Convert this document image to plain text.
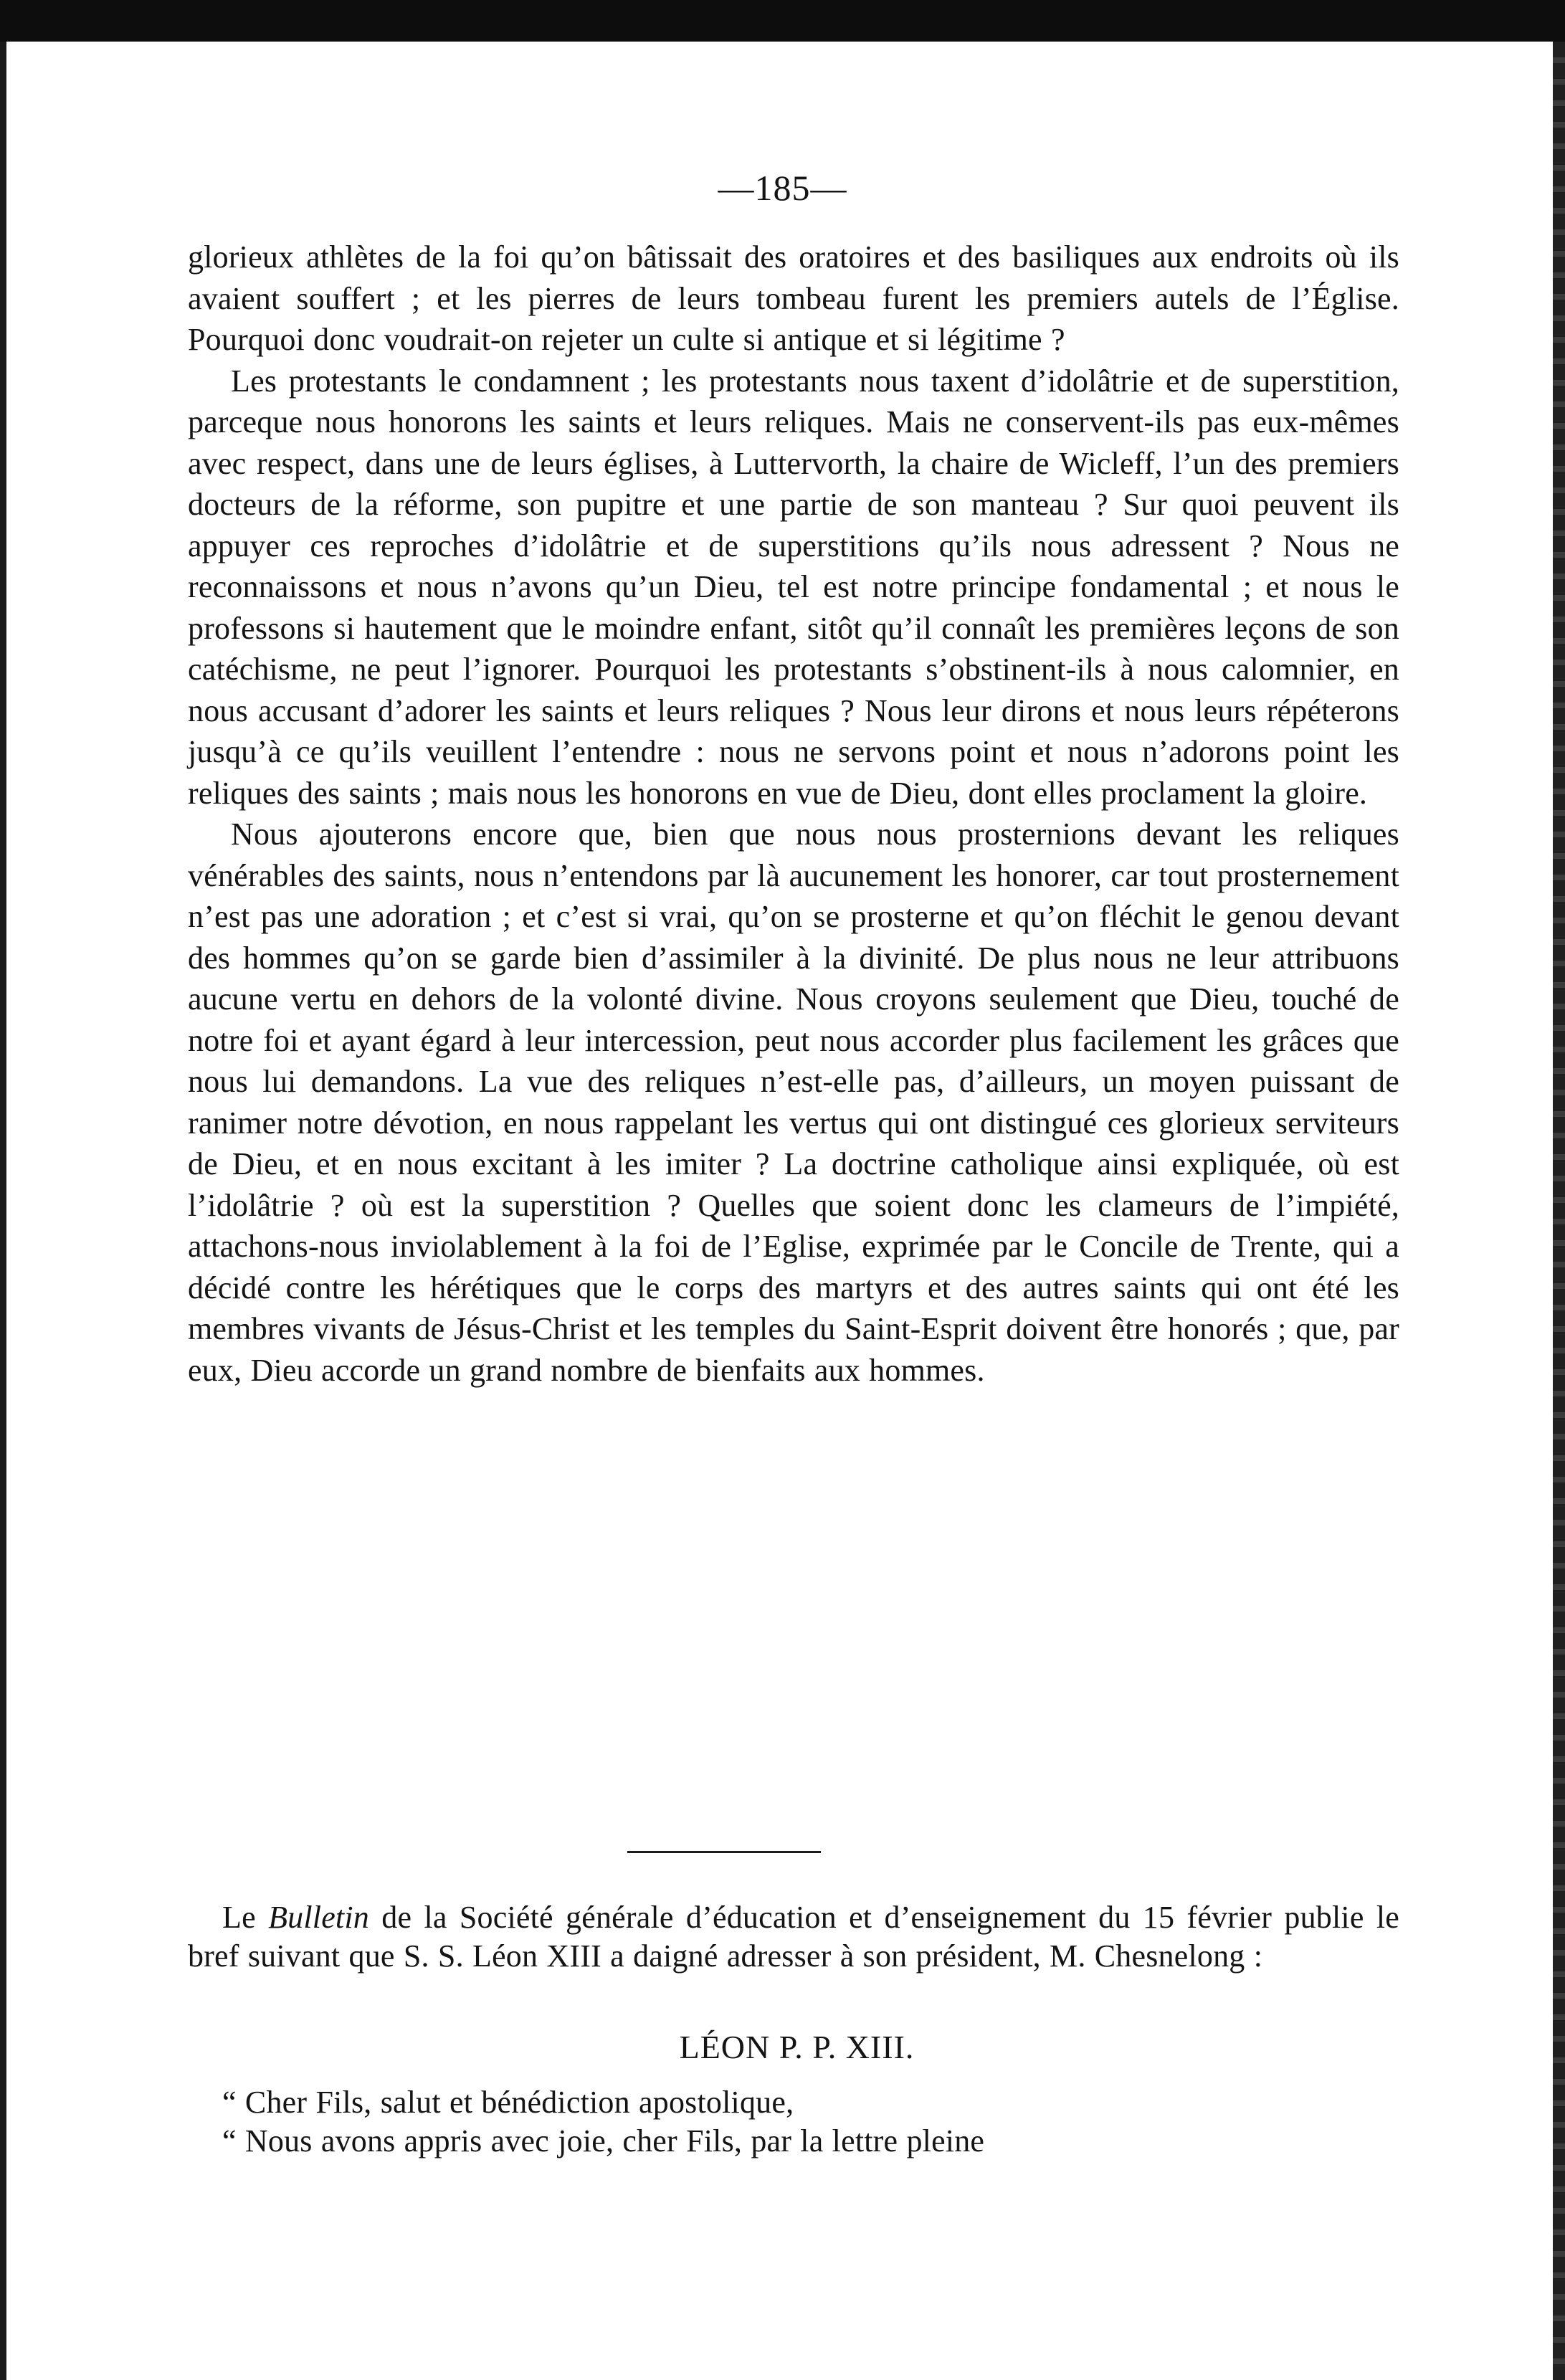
—185—

glorieux athlètes de la foi qu’on bâtissait des oratoires et des basiliques aux endroits où ils avaient souffert ; et les pierres de leurs tombeau furent les premiers autels de l’Église. Pourquoi donc voudrait-on rejeter un culte si antique et si légitime ?

Les protestants le condamnent ; les protestants nous taxent d’idolâtrie et de superstition, parceque nous honorons les saints et leurs reliques. Mais ne conservent-ils pas eux-mêmes avec respect, dans une de leurs églises, à Luttervorth, la chaire de Wicleff, l’un des premiers docteurs de la réforme, son pupitre et une partie de son manteau ? Sur quoi peuvent ils appuyer ces reproches d’idolâtrie et de superstitions qu’ils nous adressent ? Nous ne reconnaissons et nous n’avons qu’un Dieu, tel est notre principe fondamental ; et nous le professons si hautement que le moindre enfant, sitôt qu’il connaît les premières leçons de son catéchisme, ne peut l’ignorer. Pourquoi les protestants s’obstinent-ils à nous calomnier, en nous accusant d’adorer les saints et leurs reliques ? Nous leur dirons et nous leurs répéterons jusqu’à ce qu’ils veuillent l’entendre : nous ne servons point et nous n’adorons point les reliques des saints ; mais nous les honorons en vue de Dieu, dont elles proclament la gloire.

Nous ajouterons encore que, bien que nous nous prosternions devant les reliques vénérables des saints, nous n’entendons par là aucunement les honorer, car tout prosternement n’est pas une adoration ; et c’est si vrai, qu’on se prosterne et qu’on fléchit le genou devant des hommes qu’on se garde bien d’assimiler à la divinité. De plus nous ne leur attribuons aucune vertu en dehors de la volonté divine. Nous croyons seulement que Dieu, touché de notre foi et ayant égard à leur intercession, peut nous accorder plus facilement les grâces que nous lui demandons. La vue des reliques n’est-elle pas, d’ailleurs, un moyen puissant de ranimer notre dévotion, en nous rappelant les vertus qui ont distingué ces glorieux serviteurs de Dieu, et en nous excitant à les imiter ? La doctrine catholique ainsi expliquée, où est l’idolâtrie ? où est la superstition ? Quelles que soient donc les clameurs de l’impiété, attachons-nous inviolablement à la foi de l’Eglise, exprimée par le Concile de Trente, qui a décidé contre les hérétiques que le corps des martyrs et des autres saints qui ont été les membres vivants de Jésus-Christ et les temples du Saint-Esprit doivent être honorés ; que, par eux, Dieu accorde un grand nombre de bienfaits aux hommes.

Le Bulletin de la Société générale d’éducation et d’enseignement du 15 février publie le bref suivant que S. S. Léon XIII a daigné adresser à son président, M. Chesnelong :

LÉON P. P. XIII.

“ Cher Fils, salut et bénédiction apostolique,

“ Nous avons appris avec joie, cher Fils, par la lettre pleine
